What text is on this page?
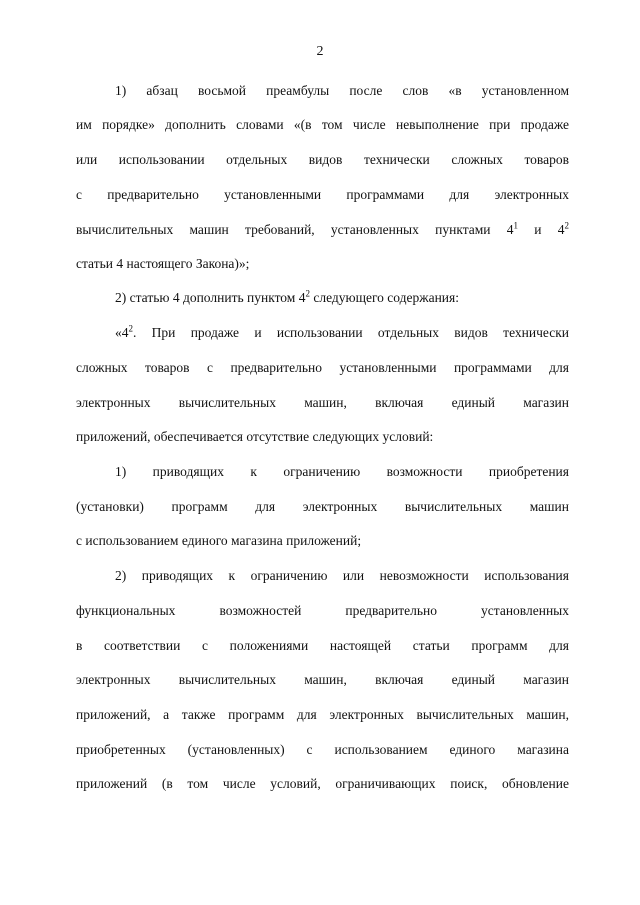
2
1) абзац восьмой преамбулы после слов «в установленном
им порядке» дополнить словами «(в том числе невыполнение при продаже
или использовании отдельных видов технически сложных товаров
с предварительно установленными программами для электронных
вычислительных машин требований, установленных пунктами $4^1$ и $4^2$
статьи 4 настоящего Закона)»;
2) статью 4 дополнить пунктом $4^2$ следующего содержания:
«$4^2$. При продаже и использовании отдельных видов технически
сложных товаров с предварительно установленными программами для
электронных вычислительных машин, включая единый магазин
приложений, обеспечивается отсутствие следующих условий:
1) приводящих к ограничению возможности приобретения
(установки) программ для электронных вычислительных машин
с использованием единого магазина приложений;
2) приводящих к ограничению или невозможности использования
функциональных возможностей предварительно установленных
в соответствии с положениями настоящей статьи программ для
электронных вычислительных машин, включая единый магазин
приложений, а также программ для электронных вычислительных машин,
приобретенных (установленных) с использованием единого магазина
приложений (в том числе условий, ограничивающих поиск, обновление
